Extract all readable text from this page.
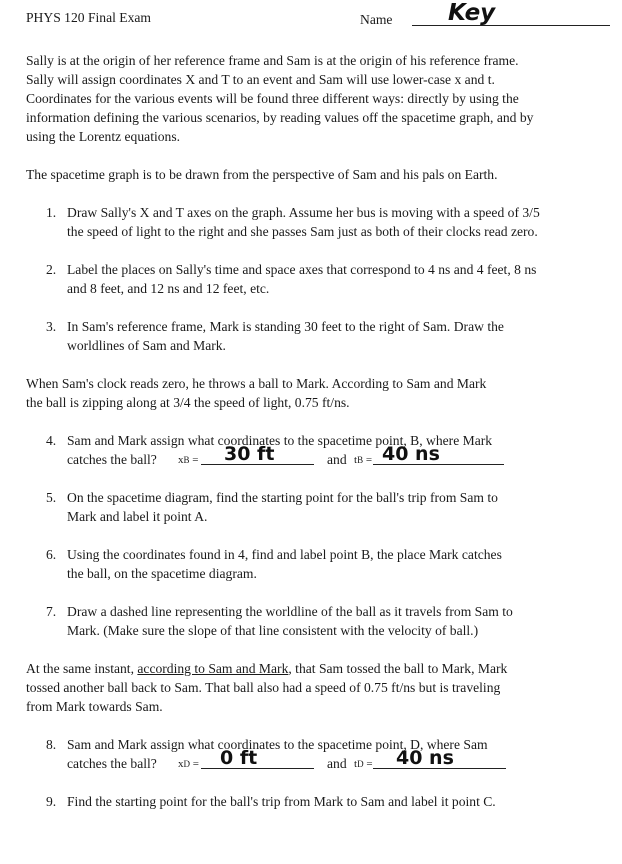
PHYS 120 Final Exam	Name	Key
Sally is at the origin of her reference frame and Sam is at the origin of his reference frame.
Sally will assign coordinates X and T to an event and Sam will use lower-case x and t.
Coordinates for the various events will be found three different ways: directly by using the
information defining the various scenarios, by reading values off the spacetime graph, and by
using the Lorentz equations.
The spacetime graph is to be drawn from the perspective of Sam and his pals on Earth.
1. Draw Sally's X and T axes on the graph. Assume her bus is moving with a speed of 3/5
the speed of light to the right and she passes Sam just as both of their clocks read zero.
2. Label the places on Sally's time and space axes that correspond to 4 ns and 4 feet, 8 ns
and 8 feet, and 12 ns and 12 feet, etc.
3. In Sam's reference frame, Mark is standing 30 feet to the right of Sam. Draw the
worldlines of Sam and Mark.
When Sam's clock reads zero, he throws a ball to Mark. According to Sam and Mark
the ball is zipping along at 3/4 the speed of light, 0.75 ft/ns.
4. Sam and Mark assign what coordinates to the spacetime point, B, where Mark
catches the ball?	xB =	30 ft	and tB = 40 ns
5. On the spacetime diagram, find the starting point for the ball's trip from Sam to
Mark and label it point A.
6. Using the coordinates found in 4, find and label point B, the place Mark catches
the ball, on the spacetime diagram.
7. Draw a dashed line representing the worldline of the ball as it travels from Sam to
Mark. (Make sure the slope of that line consistent with the velocity of ball.)
At the same instant, according to Sam and Mark, that Sam tossed the ball to Mark, Mark
tossed another ball back to Sam. That ball also had a speed of 0.75 ft/ns but is traveling
from Mark towards Sam.
8. Sam and Mark assign what coordinates to the spacetime point, D, where Sam
catches the ball?	xD =	0 ft	and tD =	40 ns
9. Find the starting point for the ball's trip from Mark to Sam and label it point C.
